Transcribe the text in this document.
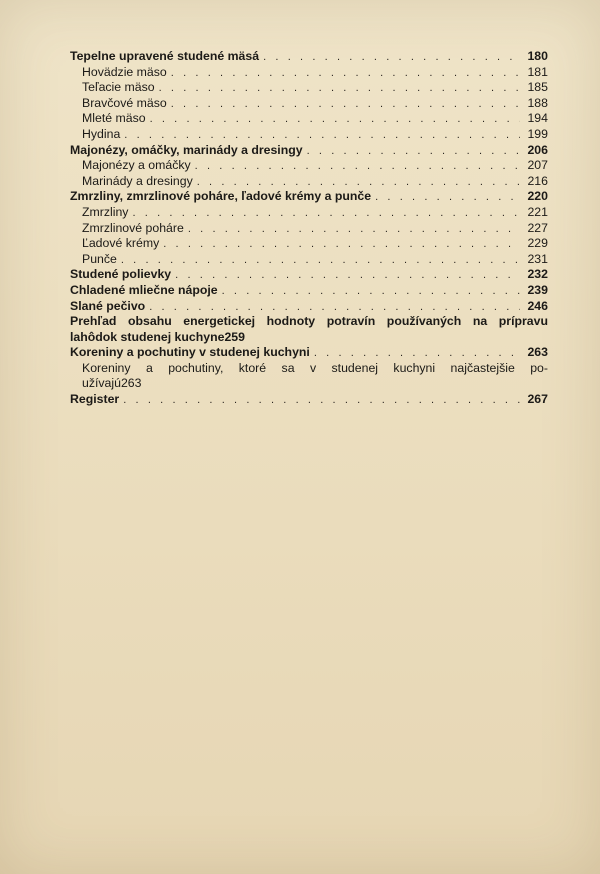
Tepelne upravené studené mäsá . . .	180
Hovädzie mäso . . .	181
Teľacie mäso . . .	185
Bravčové mäso . . .	188
Mleté mäso . . .	194
Hydina . . .	199
Majonézy, omáčky, marinády a dresingy . . .	206
Majonézy a omáčky . . .	207
Marinády a dresingy . . .	216
Zmrzliny, zmrzlinové poháre, ľadové krémy a punče . . .	220
Zmrzliny . . .	221
Zmrzlinové poháre . . .	227
Ľadové krémy . . .	229
Punče . . .	231
Studené polievky . . .	232
Chladené mliečne nápoje . . .	239
Slané pečivo . . .	246
Prehľad obsahu energetickej hodnoty potravín používaných na prípravu
lahôdok studenej kuchyne 259
Koreniny a pochutiny v studenej kuchyni . . .	263
Koreniny a pochutiny, ktoré sa v studenej kuchyni najčastejšie po-
užívajú 263
Register . . .	267
